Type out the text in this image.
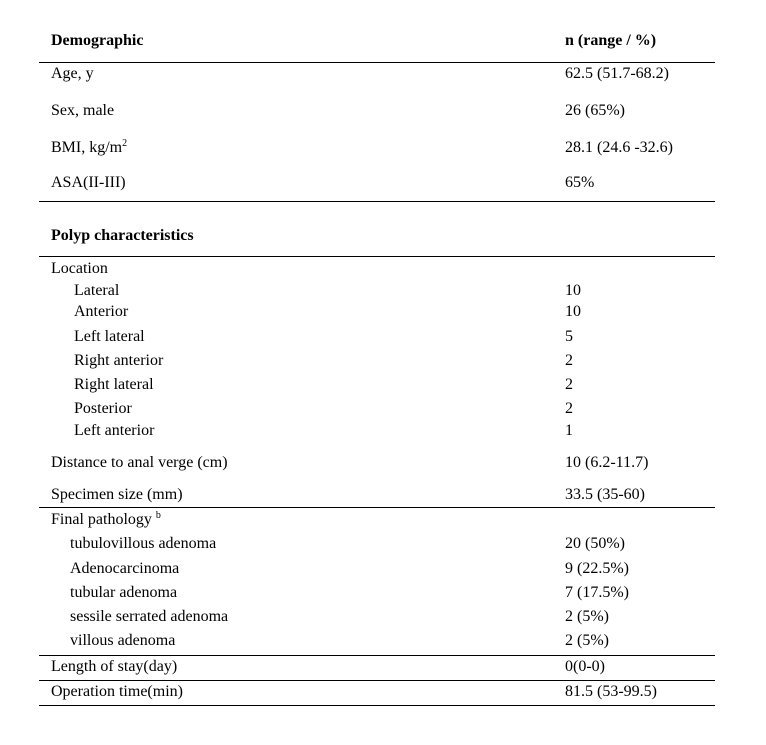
Demographic	n (range / %)
Age, y	62.5 (51.7-68.2)
Sex, male	26 (65%)
BMI, $kg/m^2$	28.1 (24.6 -32.6)
ASA(II-III)	65%
Polyp characteristics
Location
Lateral	10
Anterior	10
Left lateral	5
Right anterior	2
Right lateral	2
Posterior	2
Left anterior	1
Distance to anal verge (cm)	10 (6.2-11.7)
Specimen size (mm)	33.5 (35-60)
Final pathology $^b$
tubulovillous adenoma	20 (50%)
Adenocarcinoma	9 (22.5%)
tubular adenoma	7 (17.5%)
sessile serrated adenoma	2 (5%)
villous adenoma	2 (5%)
Length of stay(day)	0(0-0)
Operation time(min)	81.5 (53-99.5)
